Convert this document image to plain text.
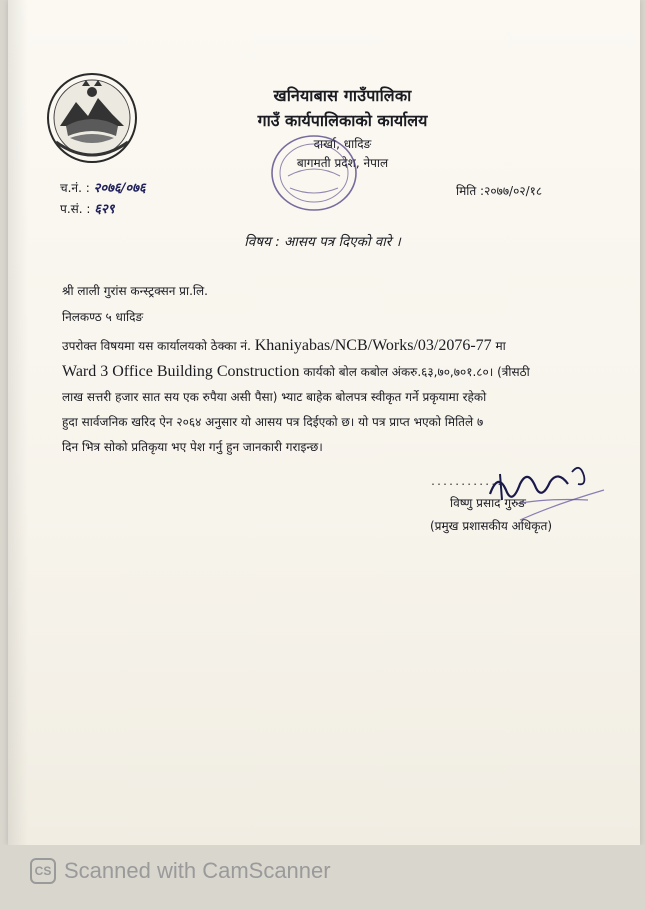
खनियाबास गाउँपालिका
गाउँ कार्यपालिकाको कार्यालय
दार्खा, धादिङ
बागमती प्रदेश, नेपाल
च.नं. : २०७६/०७६
प.सं. : ६२९
मिति :२०७७/०२/१८
विषय : आसय पत्र दिएको वारे ।
श्री लाली गुरांस कन्स्ट्रक्सन प्रा.लि.
निलकण्ठ ५ धादिङ
उपरोक्त विषयमा यस कार्यालयको ठेक्का नं. Khaniyabas/NCB/Works/03/2076-77 मा
Ward 3 Office Building Construction कार्यको बोल कबोल अंकरु.६३,७०,७०१.८०। (त्रीसठी
लाख सत्तरी हजार सात सय एक रुपैया असी पैसा) भ्याट बाहेक बोलपत्र स्वीकृत गर्ने प्रकृयामा रहेको
हुदा सार्वजनिक खरिद ऐन २०६४ अनुसार यो आसय पत्र दिईएको छ। यो पत्र प्राप्त भएको मितिले ७
दिन भित्र सोको प्रतिकृया भए पेश गर्नु हुन जानकारी गराइन्छ।
............
विष्णु प्रसाद गुरुङ
(प्रमुख प्रशासकीय अधिकृत)
CS Scanned with CamScanner
